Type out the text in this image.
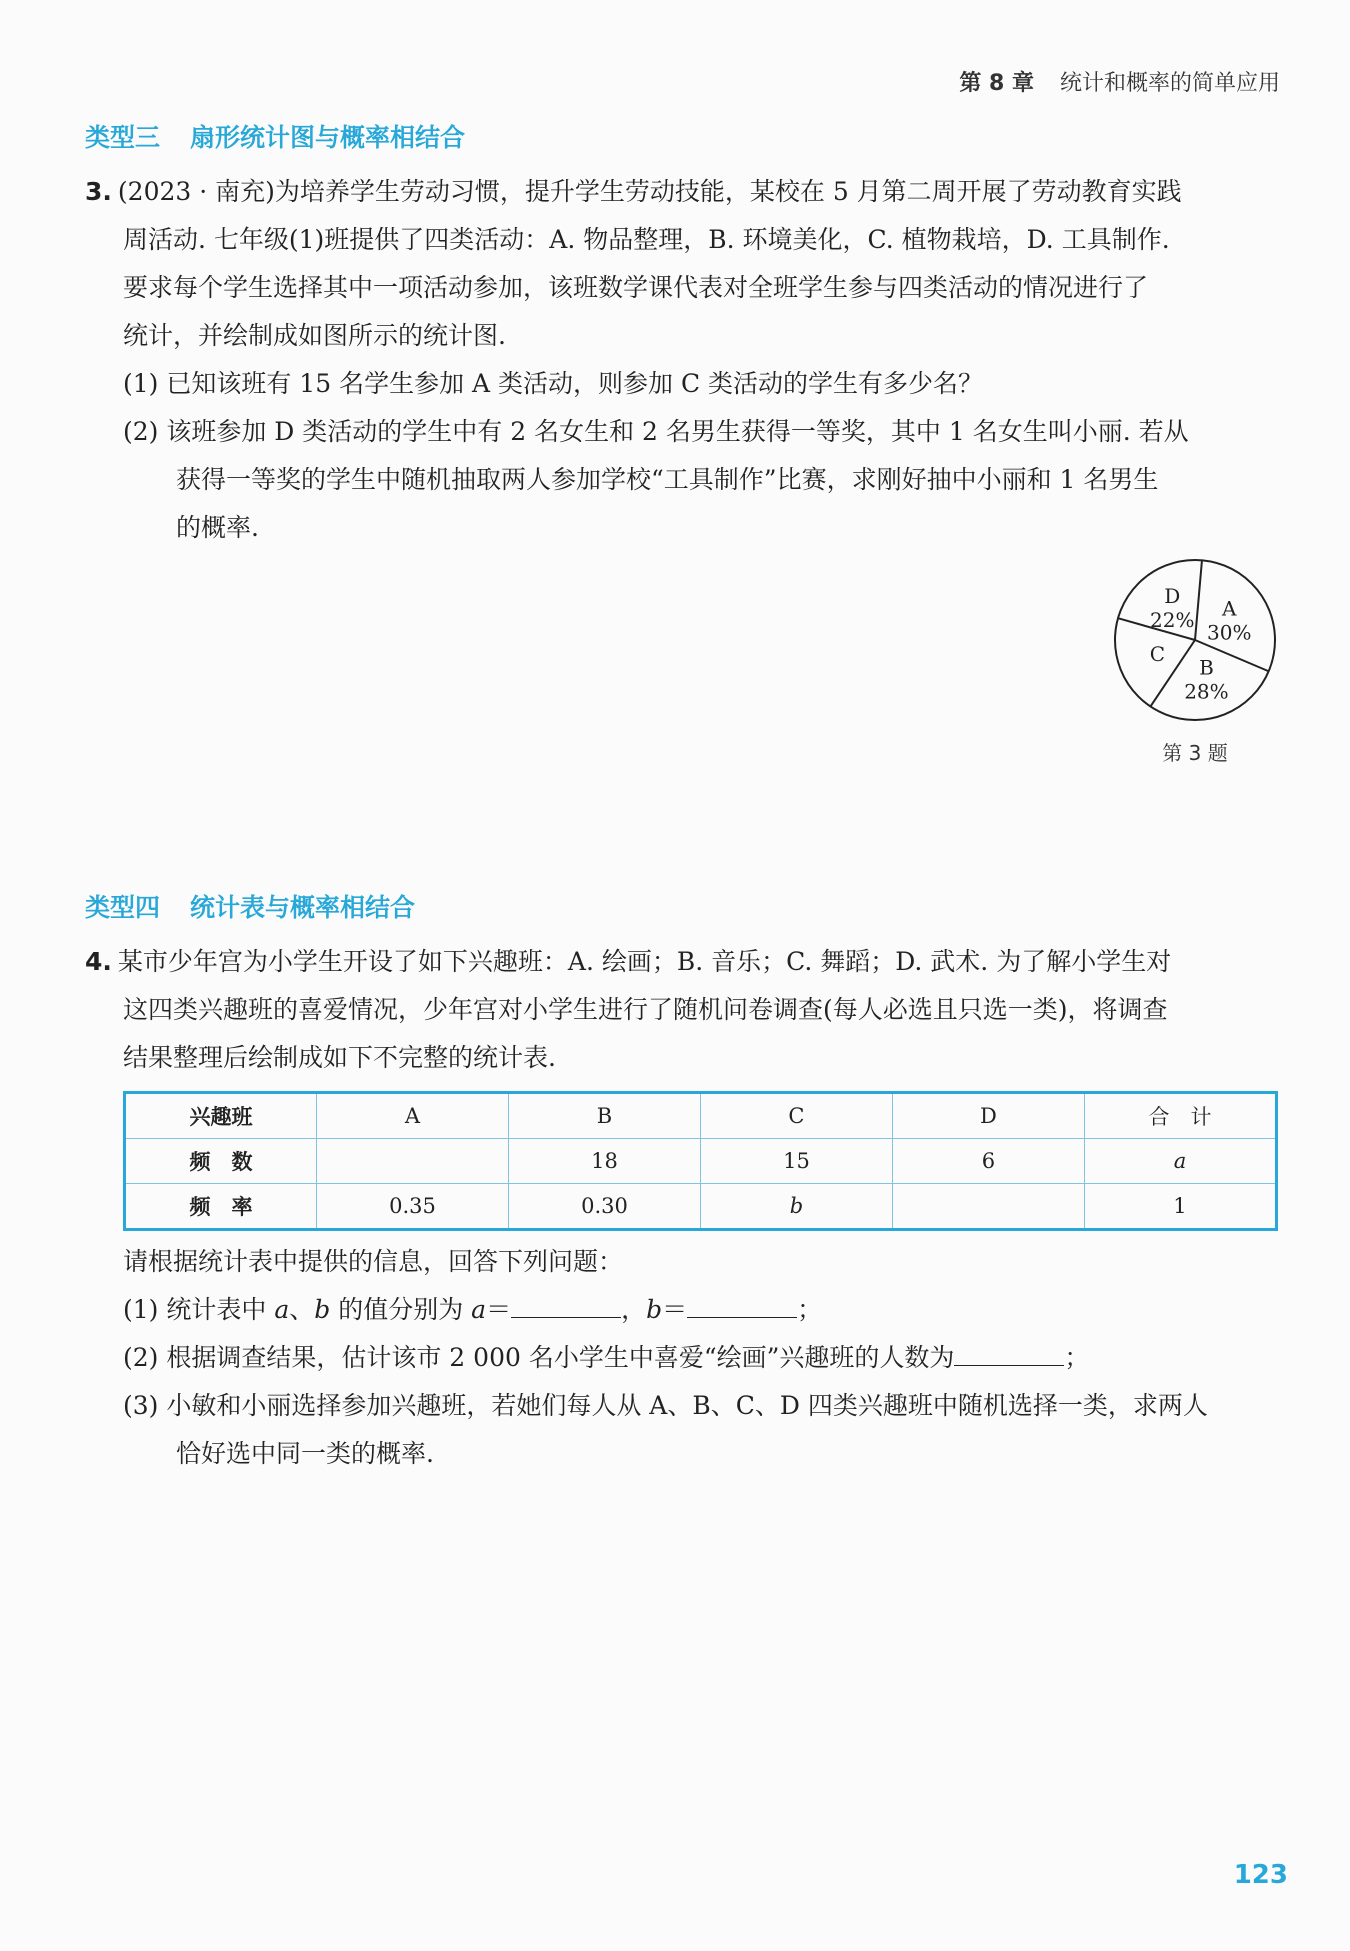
第 8 章 统计和概率的简单应用
类型三 扇形统计图与概率相结合
3. (2023 · 南充)为培养学生劳动习惯，提升学生劳动技能，某校在 5 月第二周开展了劳动教育实践
周活动. 七年级(1)班提供了四类活动：A. 物品整理，B. 环境美化，C. 植物栽培，D. 工具制作.
要求每个学生选择其中一项活动参加，该班数学课代表对全班学生参与四类活动的情况进行了
统计，并绘制成如图所示的统计图.
(1) 已知该班有 15 名学生参加 A 类活动，则参加 C 类活动的学生有多少名？
(2) 该班参加 D 类活动的学生中有 2 名女生和 2 名男生获得一等奖，其中 1 名女生叫小丽. 若从
获得一等奖的学生中随机抽取两人参加学校“工具制作”比赛，求刚好抽中小丽和 1 名男生
的概率.
A
30%
B
28%
C
D
22%
第 3 题
类型四 统计表与概率相结合
4. 某市少年宫为小学生开设了如下兴趣班：A. 绘画；B. 音乐；C. 舞蹈；D. 武术. 为了解小学生对
这四类兴趣班的喜爱情况，少年宫对小学生进行了随机问卷调查(每人必选且只选一类)，将调查
结果整理后绘制成如下不完整的统计表.
兴趣班	A	B	C	D	合　计
频　数		18	15	6	a
频　率	0.35	0.30	b		1
请根据统计表中提供的信息，回答下列问题：
(1) 统计表中 a、b 的值分别为 a＝	，b＝	；
(2) 根据调查结果，估计该市 2 000 名小学生中喜爱“绘画”兴趣班的人数为	；
(3) 小敏和小丽选择参加兴趣班，若她们每人从 A、B、C、D 四类兴趣班中随机选择一类，求两人
恰好选中同一类的概率.
123
